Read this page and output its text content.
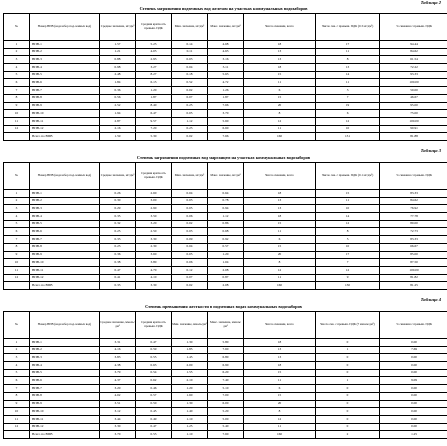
Таблица 2
Степень загрязнения подземных вод железом на участках коммунальных водозаборов
№	Номер ВПВ (водозабор под-земных вод)	Среднее значение, мг/дм³	Средняя кратность превыш. ПДК	Мин. значение, мг/дм³	Макс. значение, мг/дм³	Число скважин, всего	Число скв. с превыш. ПДК (0.3 мг/дм³)	% скважин с превыш. ПДК
1	ВПВ-1	1.57	5.23	0.14	4.68	18	17	94.44
2	ВПВ-2	1.21	4.03	0.11	4.63	13	11	84.62
3	ВПВ-3	0.88	2.93	0.03	3.16	13	8	61.54
4	ВПВ-4	0.98	3.27	0.04	3.11	18	13	72.22
5	ВПВ-5	2.48	8.27	0.18	5.63	15	14	93.33
6	ВПВ-6	1.84	6.13	0.52	4.72	11	11	100.00
7	ВПВ-7	0.36	1.20	0.02	1.26	6	3	50.00
8	ВПВ-8	0.56	1.87	0.07	1.87	15	7	46.67
9	ВПВ-9	2.52	8.40	0.25	7.66	20	19	95.00
10	ВПВ-10	1.94	6.47	0.05	3.70	8	6	75.00
11	ВПВ-11	2.87	9.57	1.12	5.60	12	12	100.00
12	ВПВ-12	2.16	7.20	0.23	6.60	11	10	90.91
	Всего по ВПВ	1.59	5.30	0.02	7.66	160	131	81.88
Таблица 3
Степень загрязнения подземных вод марганцем на участках коммунальных водозаборов
№	Номер ВПВ (водозабор под-земных вод)	Среднее значение, мг/дм³	Средняя кратность превыш. ПДК	Мин. значение, мг/дм³	Макс. значение, мг/дм³	Число скважин, всего	Число скв. с превыш. ПДК (0.1 мг/дм³)	% скважин с превыш. ПДК
1	ВПВ-1	0.26	2.60	0.04	0.64	18	15	83.33
2	ВПВ-2	0.30	3.00	0.03	0.78	13	11	84.62
3	ВПВ-3	0.29	2.90	0.05	0.94	13	10	76.92
4	ВПВ-4	0.35	3.50	0.06	1.12	18	14	77.78
5	ВПВ-5	0.32	3.20	0.02	0.86	15	12	80.00
6	ВПВ-6	0.25	2.50	0.03	0.68	11	8	72.73
7	ВПВ-7	0.33	3.30	0.09	0.92	6	5	83.33
8	ВПВ-8	0.23	2.30	0.04	0.57	15	10	66.67
9	ВПВ-9	0.36	3.60	0.05	1.20	20	17	85.00
10	ВПВ-10	0.38	3.80	0.06	1.04	8	7	87.50
11	ВПВ-11	0.47	4.70	0.12	2.08	12	12	100.00
12	ВПВ-12	0.41	4.10	0.07	0.87	11	9	81.82
	Всего по ВПВ	0.33	3.30	0.02	2.08	160	130	81.25
Таблица 4
Степень превышения жесткости в подземных водах коммунальных водозаборов
№	Номер ВПВ (водозабор под-земных вод)	Среднее значение, ммоль/дм³	Средняя кратность превыш. ПДК	Мин. значение, ммоль/дм³	Макс. значение, ммоль/дм³	Число скважин, всего	Число скв. с превыш. ПДК (7 ммоль/дм³)	% скважин с превыш. ПДК
1	ВПВ-1	3.31	0.47	1.30	5.80	18	0	0.00
2	ВПВ-2	4.16	0.59	1.85	7.60	13	1	7.69
3	ВПВ-3	3.83	0.55	1.45	6.80	13	0	0.00
4	ВПВ-4	4.38	0.63	2.00	6.90	18	0	0.00
5	ВПВ-5	3.79	0.54	1.55	6.20	15	0	0.00
6	ВПВ-6	4.37	0.62	2.10	7.40	11	1	9.09
7	ВПВ-7	3.20	0.46	1.20	5.10	6	0	0.00
8	ВПВ-8	4.02	0.57	1.60	7.00	15	0	0.00
9	ВПВ-9	3.51	0.50	1.30	6.00	20	0	0.00
10	ВПВ-10	3.12	0.45	1.40	5.20	8	0	0.00
11	ВПВ-11	3.44	0.49	1.10	5.00	12	0	0.00
12	ВПВ-12	3.30	0.47	1.25	5.40	11	0	0.00
	Всего по ВПВ	3.70	0.53	1.10	7.60	160	2	1.25
